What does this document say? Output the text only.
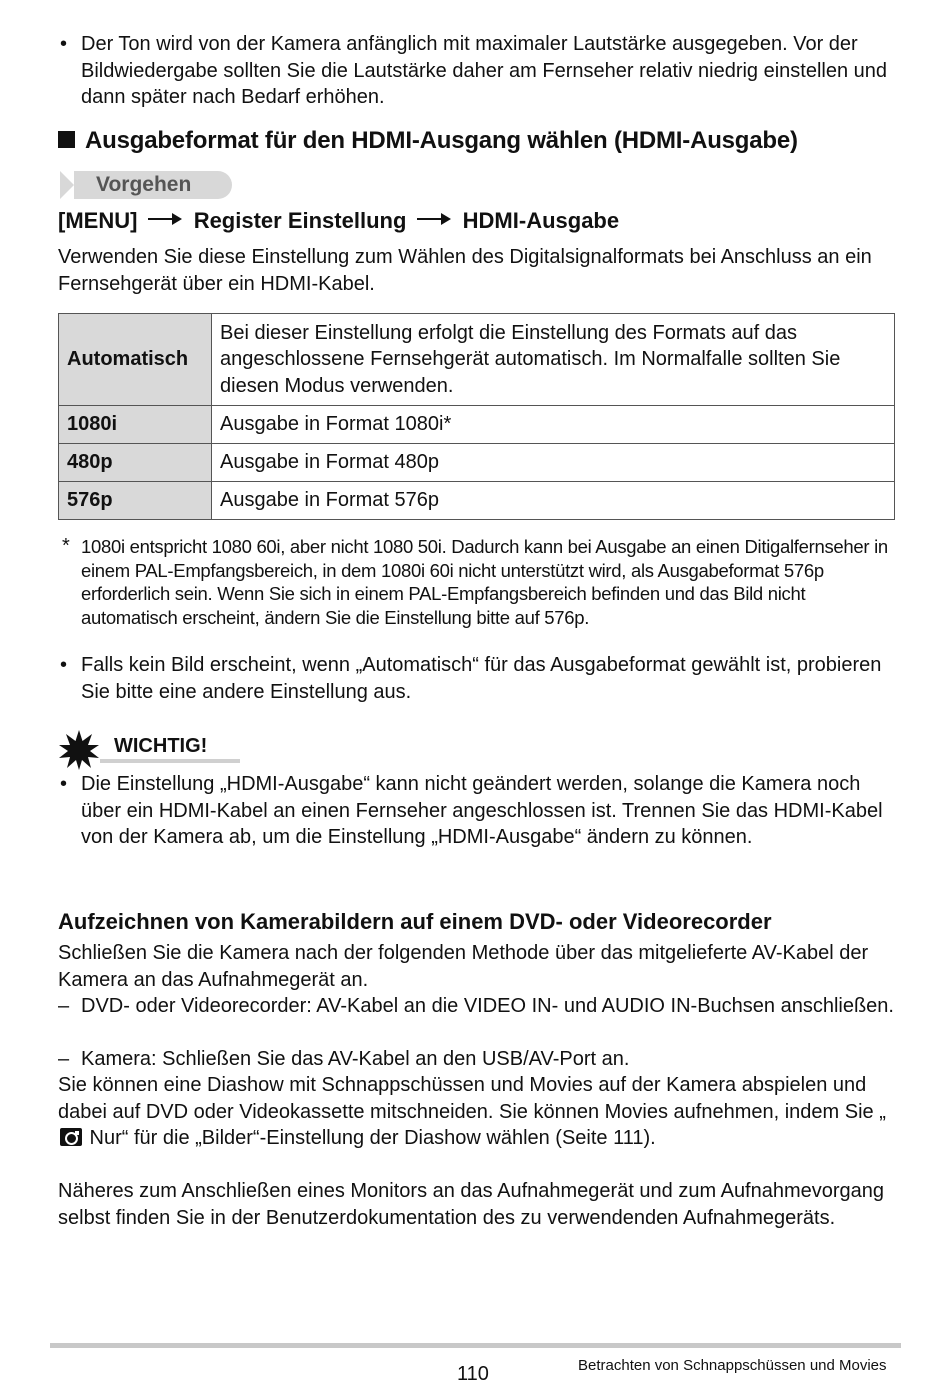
• Der Ton wird von der Kamera anfänglich mit maximaler Lautstärke ausgegeben. Vor der Bildwiedergabe sollten Sie die Lautstärke daher am Fernseher relativ niedrig einstellen und dann später nach Bedarf erhöhen.
Ausgabeformat für den HDMI-Ausgang wählen (HDMI-Ausgabe)
Vorgehen
[MENU]	Register Einstellung	HDMI-Ausgabe
Verwenden Sie diese Einstellung zum Wählen des Digitalsignalformats bei Anschluss an ein Fernsehgerät über ein HDMI-Kabel.
Automatisch	Bei dieser Einstellung erfolgt die Einstellung des Formats auf das angeschlossene Fernsehgerät automatisch. Im Normalfalle sollten Sie diesen Modus verwenden.
1080i	Ausgabe in Format 1080i*
480p	Ausgabe in Format 480p
576p	Ausgabe in Format 576p
* 1080i entspricht 1080 60i, aber nicht 1080 50i. Dadurch kann bei Ausgabe an einen Ditigalfernseher in einem PAL-Empfangsbereich, in dem 1080i 60i nicht unterstützt wird, als Ausgabeformat 576p erforderlich sein. Wenn Sie sich in einem PAL-Empfangsbereich befinden und das Bild nicht automatisch erscheint, ändern Sie die Einstellung bitte auf 576p.
• Falls kein Bild erscheint, wenn „Automatisch“ für das Ausgabeformat gewählt ist, probieren Sie bitte eine andere Einstellung aus.
WICHTIG!
• Die Einstellung „HDMI-Ausgabe“ kann nicht geändert werden, solange die Kamera noch über ein HDMI-Kabel an einen Fernseher angeschlossen ist. Trennen Sie das HDMI-Kabel von der Kamera ab, um die Einstellung „HDMI-Ausgabe“ ändern zu können.
Aufzeichnen von Kamerabildern auf einem DVD- oder Videorecorder
Schließen Sie die Kamera nach der folgenden Methode über das mitgelieferte AV-Kabel der Kamera an das Aufnahmegerät an.
– DVD- oder Videorecorder: AV-Kabel an die VIDEO IN- und AUDIO IN-Buchsen anschließen.
– Kamera: Schließen Sie das AV-Kabel an den USB/AV-Port an.
Sie können eine Diashow mit Schnappschüssen und Movies auf der Kamera abspielen und dabei auf DVD oder Videokassette mitschneiden. Sie können Movies aufnehmen, indem Sie „ Nur“ für die „Bilder“-Einstellung der Diashow wählen (Seite 111).
Näheres zum Anschließen eines Monitors an das Aufnahmegerät und zum Aufnahmevorgang selbst finden Sie in der Benutzerdokumentation des zu verwendenden Aufnahmegeräts.
110	Betrachten von Schnappschüssen und Movies
